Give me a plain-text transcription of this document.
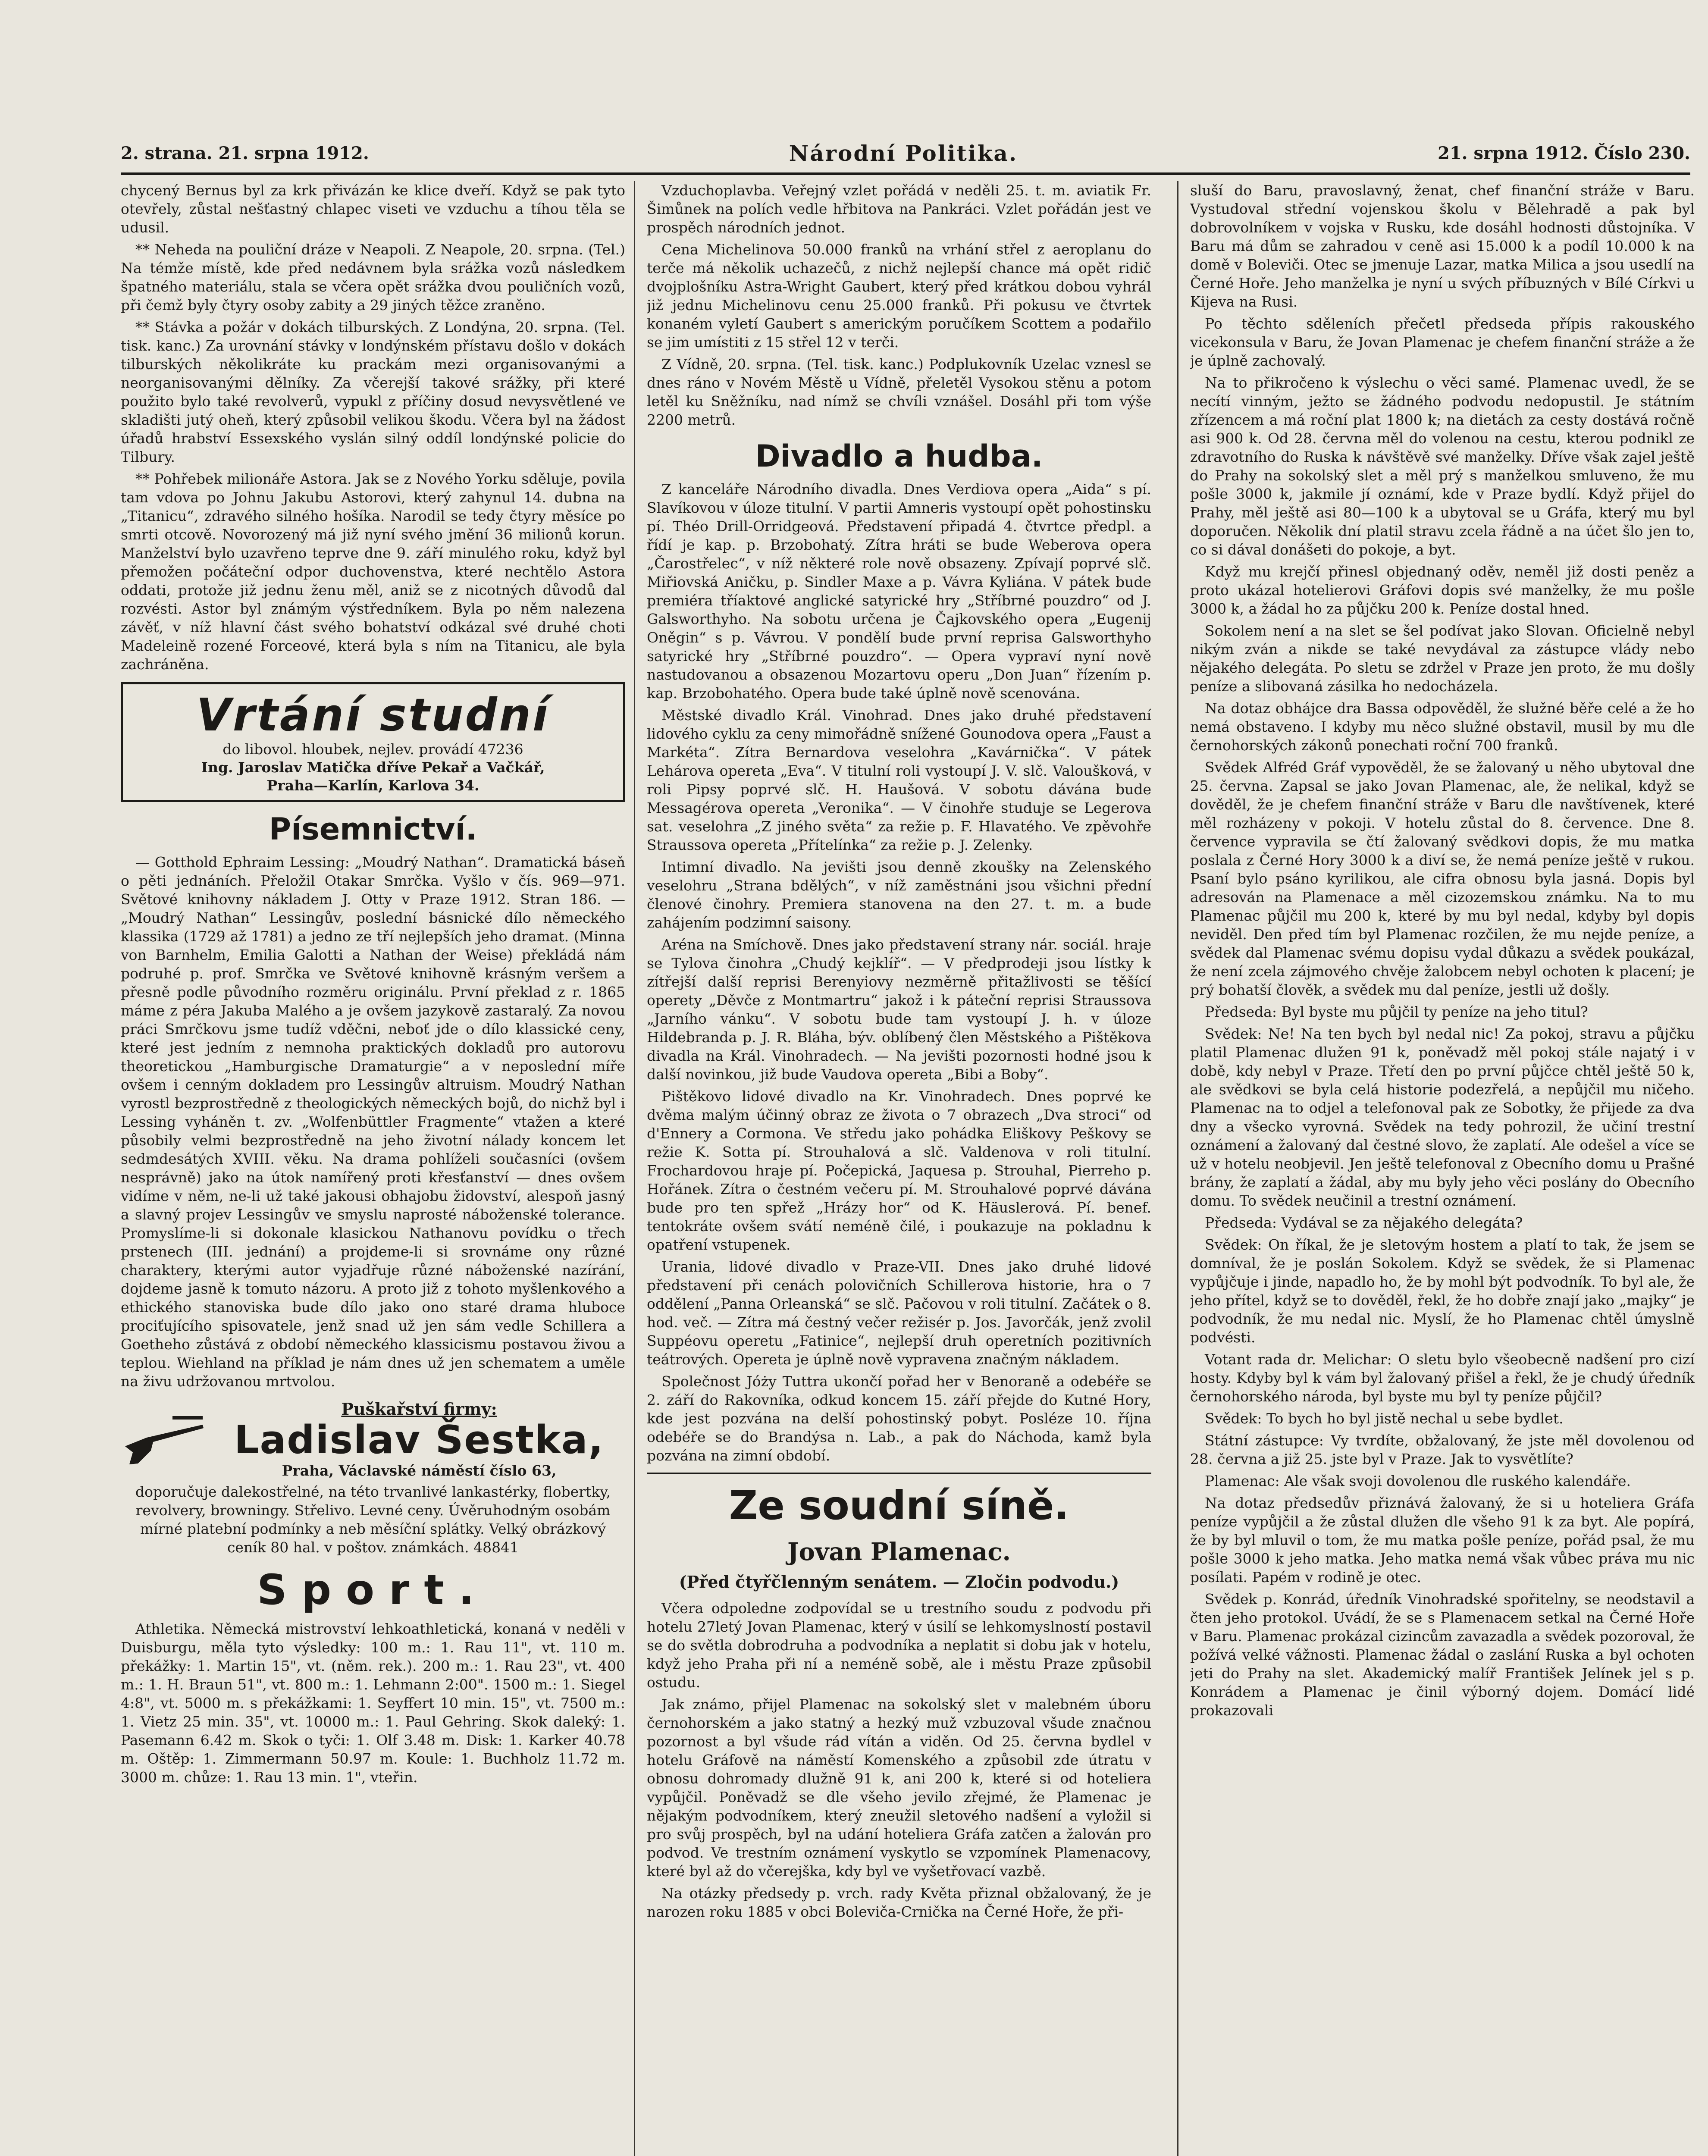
2. strana. 21. srpna 1912.	Národní Politika.	21. srpna 1912. Číslo 230.

chycený Bernus byl za krk přivázán ke klice dveří. Když se pak tyto otevřely, zůstal nešťastný chlapec viseti ve vzduchu a tíhou těla se udusil.

** Neheda na pouliční dráze v Neapoli. Z Neapole, 20. srpna. (Tel.) Na témže místě, kde před nedávnem byla srážka vozů následkem špatného materiálu, stala se včera opět srážka dvou pouličních vozů, při čemž byly čtyry osoby zabity a 29 jiných těžce zraněno.

** Stávka a požár v dokách tilburských. Z Londýna, 20. srpna. (Tel. tisk. kanc.) Za urovnání stávky v londýnském přístavu došlo v dokách tilburských několikráte ku prackám mezi organisovanými a neorganisovanými dělníky. Za včerejší takové srážky, při které použito bylo také revolverů, vypukl z příčiny dosud nevysvětlené ve skladišti jutý oheň, který způsobil velikou škodu. Včera byl na žádost úřadů hrabství Essexského vyslán silný oddíl londýnské policie do Tilbury.

** Pohřebek milionáře Astora. Jak se z Nového Yorku sděluje, povila tam vdova po Johnu Jakubu Astorovi, který zahynul 14. dubna na „Titanicu“, zdravého silného hošíka. Narodil se tedy čtyry měsíce po smrti otcově. Novorozený má již nyní svého jmění 36 milionů korun. Manželství bylo uzavřeno teprve dne 9. září minulého roku, když byl přemožen počáteční odpor duchovenstva, které nechtělo Astora oddati, protože již jednu ženu měl, aniž se z nicotných důvodů dal rozvésti. Astor byl známým výstředníkem. Byla po něm nalezena závěť, v níž hlavní část svého bohatství odkázal své druhé choti Madeleině rozené Forceové, která byla s ním na Titanicu, ale byla zachráněna.

Vrtání studní
do libovol. hloubek, nejlev. provádí 47236
Ing. Jaroslav Matička dříve Pekař a Vačkář,
Praha—Karlín, Karlova 34.
Písemnictví.

— Gotthold Ephraim Lessing: „Moudrý Nathan“. Dramatická báseň o pěti jednáních. Přeložil Otakar Smrčka. Vyšlo v čís. 969—971. Světové knihovny nákladem J. Otty v Praze 1912. Stran 186. — „Moudrý Nathan“ Lessingův, poslední básnické dílo německého klassika (1729 až 1781) a jedno ze tří nejlepších jeho dramat. (Minna von Barnhelm, Emilia Galotti a Nathan der Weise) překládá nám podruhé p. prof. Smrčka ve Světové knihovně krásným veršem a přesně podle původního rozměru originálu. První překlad z r. 1865 máme z péra Jakuba Malého a je ovšem jazykově zastaralý. Za novou práci Smrčkovu jsme tudíž vděčni, neboť jde o dílo klassické ceny, které jest jedním z nemnoha praktických dokladů pro autorovu theoretickou „Hamburgische Dramaturgie“ a v neposlední míře ovšem i cenným dokladem pro Lessingův altruism. Moudrý Nathan vyrostl bezprostředně z theologických německých bojů, do nichž byl i Lessing vyháněn t. zv. „Wolfenbüttler Fragmente“ vtažen a které působily velmi bezprostředně na jeho životní nálady koncem let sedmdesátých XVIII. věku. Na drama pohlíželi současníci (ovšem nesprávně) jako na útok namířený proti křesťanství — dnes ovšem vidíme v něm, ne-li už také jakousi obhajobu židovství, alespoň jasný a slavný projev Lessingův ve smyslu naprosté náboženské tolerance. Promyslíme-li si dokonale klasickou Nathanovu povídku o třech prstenech (III. jednání) a projdeme-li si srovnáme ony různé charaktery, kterými autor vyjadřuje různé náboženské nazírání, dojdeme jasně k tomuto názoru. A proto již z tohoto myšlenkového a ethického stanoviska bude dílo jako ono staré drama hluboce prociťujícího spisovatele, jenž snad už jen sám vedle Schillera a Goetheho zůstává z období německého klassicismu postavou živou a teplou. Wiehland na příklad je nám dnes už jen schematem a uměle na živu udržovanou mrtvolou.

Puškařství firmy:
Ladislav Šestka,
Praha, Václavské náměstí číslo 63,

doporučuje dalekostřelné, na této trvanlivé lankastérky, flobertky, revolvery, browningy. Střelivo. Levné ceny. Úvěruhodným osobám mírné platební podmínky a neb měsíční splátky. Velký obrázkový ceník 80 hal. v poštov. známkách. 48841

Sport.

Athletika. Německá mistrovství lehkoathletická, konaná v neděli v Duisburgu, měla tyto výsledky: 100 m.: 1. Rau 11", vt. 110 m. překážky: 1. Martin 15", vt. (něm. rek.). 200 m.: 1. Rau 23", vt. 400 m.: 1. H. Braun 51", vt. 800 m.: 1. Lehmann 2:00". 1500 m.: 1. Siegel 4:8", vt. 5000 m. s překážkami: 1. Seyffert 10 min. 15", vt. 7500 m.: 1. Vietz 25 min. 35", vt. 10000 m.: 1. Paul Gehring. Skok daleký: 1. Pasemann 6.42 m. Skok o tyči: 1. Olf 3.48 m. Disk: 1. Karker 40.78 m. Oštěp: 1. Zimmermann 50.97 m. Koule: 1. Buchholz 11.72 m. 3000 m. chůze: 1. Rau 13 min. 1", vteřin.

Vzduchoplavba. Veřejný vzlet pořádá v neděli 25. t. m. aviatik Fr. Šimůnek na polích vedle hřbitova na Pankráci. Vzlet pořádán jest ve prospěch národních jednot.

Cena Michelinova 50.000 franků na vrhání střel z aeroplanu do terče má několik uchazečů, z nichž nejlepší chance má opět ridič dvojplošníku Astra-Wright Gaubert, který před krátkou dobou vyhrál již jednu Michelinovu cenu 25.000 franků. Při pokusu ve čtvrtek konaném vyletí Gaubert s americkým poručíkem Scottem a podařilo se jim umístiti z 15 střel 12 v terči.

Z Vídně, 20. srpna. (Tel. tisk. kanc.) Podplukovník Uzelac vznesl se dnes ráno v Novém Městě u Vídně, přeletěl Vysokou stěnu a potom letěl ku Sněžníku, nad nímž se chvíli vznášel. Dosáhl při tom výše 2200 metrů.

Divadlo a hudba.

Z kanceláře Národního divadla. Dnes Verdiova opera „Aida“ s pí. Slavíkovou v úloze titulní. V partii Amneris vystoupí opět pohostinsku pí. Théo Drill-Orridgeová. Představení připadá 4. čtvrtce předpl. a řídí je kap. p. Brzobohatý. Zítra hráti se bude Weberova opera „Čarostřelec“, v níž některé role nově obsazeny. Zpívají poprvé slč. Miřiovská Aničku, p. Sindler Maxe a p. Vávra Kyliána. V pátek bude premiéra tříaktové anglické satyrické hry „Stříbrné pouzdro“ od J. Galsworthyho. Na sobotu určena je Čajkovského opera „Eugenij Oněgin“ s p. Vávrou. V pondělí bude první reprisa Galsworthyho satyrické hry „Stříbrné pouzdro“. — Opera vypraví nyní nově nastudovanou a obsazenou Mozartovu operu „Don Juan“ řízením p. kap. Brzobohatého. Opera bude také úplně nově scenována.

Městské divadlo Král. Vinohrad. Dnes jako druhé představení lidového cyklu za ceny mimořádně snížené Gounodova opera „Faust a Markéta“. Zítra Bernardova veselohra „Kavárnička“. V pátek Lehárova opereta „Eva“. V titulní roli vystoupí J. V. slč. Valoušková, v roli Pipsy poprvé slč. H. Haušová. V sobotu dávána bude Messagérova opereta „Veronika“. — V činohře studuje se Legerova sat. veselohra „Z jiného světa“ za režie p. F. Hlavatého. Ve zpěvohře Straussova opereta „Přítelínka“ za režie p. J. Zelenky.

Intimní divadlo. Na jevišti jsou denně zkoušky na Zelenského veselohru „Strana bdělých“, v níž zaměstnáni jsou všichni přední členové činohry. Premiera stanovena na den 27. t. m. a bude zahájením podzimní saisony.

Aréna na Smíchově. Dnes jako představení strany nár. sociál. hraje se Tylova činohra „Chudý kejklíř“. — V předprodeji jsou lístky k zítřejší další reprisi Berenyiovy nezměrně přitažlivosti se těšící operety „Děvče z Montmartru“ jakož i k páteční reprisi Straussova „Jarního vánku“. V sobotu bude tam vystoupí J. h. v úloze Hildebranda p. J. R. Bláha, býv. oblíbený člen Městského a Pištěkova divadla na Král. Vinohradech. — Na jevišti pozornosti hodné jsou k další novinkou, již bude Vaudova opereta „Bibi a Boby“.

Pištěkovo lidové divadlo na Kr. Vinohradech. Dnes poprvé ke dvěma malým účinný obraz ze života o 7 obrazech „Dva stroci“ od d'Ennery a Cormona. Ve středu jako pohádka Eliškovy Peškovy se režie K. Sotta pí. Strouhalová a slč. Valdenova v roli titulní. Frochardovou hraje pí. Počepická, Jaquesa p. Strouhal, Pierreho p. Hořánek. Zítra o čestném večeru pí. M. Strouhalové poprvé dávána bude pro ten spřež „Hrázy hor“ od K. Häuslerová. Pí. benef. tentokráte ovšem svátí neméně čilé, i poukazuje na pokladnu k opatření vstupenek.

Urania, lidové divadlo v Praze-VII. Dnes jako druhé lidové představení při cenách polovičních Schillerova historie, hra o 7 oddělení „Panna Orleanská“ se slč. Pačovou v roli titulní. Začátek o 8. hod. več. — Zítra má čestný večer režisér p. Jos. Javorčák, jenž zvolil Suppéovu operetu „Fatinice“, nejlepší druh operetních pozitivních teátrových. Opereta je úplně nově vypravena značným nákladem.

Společnost Jóży Tuttra ukončí pořad her v Benoraně a odebéře se 2. září do Rakovníka, odkud koncem 15. září přejde do Kutné Hory, kde jest pozvána na delší pohostinský pobyt. Posléze 10. října odebéře se do Brandýsa n. Lab., a pak do Náchoda, kamž byla pozvána na zimní období.

Ze soudní síně.
Jovan Plamenac.
(Před čtyřčlenným senátem. — Zločin podvodu.)

Včera odpoledne zodpovídal se u trestního soudu z podvodu při hotelu 27letý Jovan Plamenac, který v úsilí se lehkomyslností postavil se do světla dobrodruha a podvodníka a neplatit si dobu jak v hotelu, když jeho Praha při ní a neméně sobě, ale i městu Praze způsobil ostudu.

Jak známo, přijel Plamenac na sokolský slet v malebném úboru černohorském a jako statný a hezký muž vzbuzoval všude značnou pozornost a byl všude rád vítán a viděn. Od 25. června bydlel v hotelu Gráfově na náměstí Komenského a způsobil zde útratu v obnosu dohromady dlužně 91 k, ani 200 k, které si od hoteliera vypůjčil. Poněvadž se dle všeho jevilo zřejmé, že Plamenac je nějakým podvodníkem, který zneužil sletového nadšení a vyložil si pro svůj prospěch, byl na udání hoteliera Gráfa zatčen a žalován pro podvod. Ve trestním oznámení vyskytlo se vzpomínek Plamenacovy, které byl až do včerejška, kdy byl ve vyšetřovací vazbě.

Na otázky předsedy p. vrch. rady Květa přiznal obžalovaný, že je narozen roku 1885 v obci Boleviča-Crnička na Černé Hoře, že při-

sluší do Baru, pravoslavný, ženat, chef finanční stráže v Baru. Vystudoval střední vojenskou školu v Bělehradě a pak byl dobrovolníkem v vojska v Rusku, kde dosáhl hodnosti důstojníka. V Baru má dům se zahradou v ceně asi 15.000 k a podíl 10.000 k na domě v Boleviči. Otec se jmenuje Lazar, matka Milica a jsou usedlí na Černé Hoře. Jeho manželka je nyní u svých příbuzných v Bílé Církvi u Kijeva na Rusi.

Po těchto sděleních přečetl předseda přípis rakouského vicekonsula v Baru, že Jovan Plamenac je chefem finanční stráže a že je úplně zachovalý.

Na to přikročeno k výslechu o věci samé. Plamenac uvedl, že se necítí vinným, ježto se žádného podvodu nedopustil. Je státním zřízencem a má roční plat 1800 k; na dietách za cesty dostává ročně asi 900 k. Od 28. června měl do volenou na cestu, kterou podnikl ze zdravotního do Ruska k návštěvě své manželky. Dříve však zajel ještě do Prahy na sokolský slet a měl prý s manželkou smluveno, že mu pošle 3000 k, jakmile jí oznámí, kde v Praze bydlí. Když přijel do Prahy, měl ještě asi 80—100 k a ubytoval se u Gráfa, který mu byl doporučen. Několik dní platil stravu zcela řádně a na účet šlo jen to, co si dával donášeti do pokoje, a byt.

Když mu krejčí přinesl objednaný oděv, neměl již dosti peněz a proto ukázal hotelierovi Gráfovi dopis své manželky, že mu pošle 3000 k, a žádal ho za půjčku 200 k. Peníze dostal hned.

Sokolem není a na slet se šel podívat jako Slovan. Oficielně nebyl nikým zván a nikde se také nevydával za zástupce vlády nebo nějakého delegáta. Po sletu se zdržel v Praze jen proto, že mu došly peníze a slibovaná zásilka ho nedocházela.

Na dotaz obhájce dra Bassa odpověděl, že služné běře celé a že ho nemá obstaveno. I kdyby mu něco služné obstavil, musil by mu dle černohorských zákonů ponechati roční 700 franků.

Svědek Alfréd Gráf vypověděl, že se žalovaný u něho ubytoval dne 25. června. Zapsal se jako Jovan Plamenac, ale, že nelikal, když se dověděl, že je chefem finanční stráže v Baru dle navštívenek, které měl rozházeny v pokoji. V hotelu zůstal do 8. července. Dne 8. července vypravila se čtí žalovaný svědkovi dopis, že mu matka poslala z Černé Hory 3000 k a diví se, že nemá peníze ještě v rukou. Psaní bylo psáno kyrilikou, ale cifra obnosu byla jasná. Dopis byl adresován na Plamenace a měl cizozemskou známku. Na to mu Plamenac půjčil mu 200 k, které by mu byl nedal, kdyby byl dopis neviděl. Den před tím byl Plamenac rozčilen, že mu nejde peníze, a svědek dal Plamenac svému dopisu vydal důkazu a svědek poukázal, že není zcela zájmového chvěje žalobcem nebyl ochoten k placení; je prý bohatší člověk, a svědek mu dal peníze, jestli už došly.

Předseda: Byl byste mu půjčil ty peníze na jeho titul?

Svědek: Ne! Na ten bych byl nedal nic! Za pokoj, stravu a půjčku platil Plamenac dlužen 91 k, poněvadž měl pokoj stále najatý i v době, kdy nebyl v Praze. Třetí den po první půjčce chtěl ještě 50 k, ale svědkovi se byla celá historie podezřelá, a nepůjčil mu ničeho. Plamenac na to odjel a telefonoval pak ze Sobotky, že přijede za dva dny a všecko vyrovná. Svědek na tedy pohrozil, že učiní trestní oznámení a žalovaný dal čestné slovo, že zaplatí. Ale odešel a více se už v hotelu neobjevil. Jen ještě telefonoval z Obecního domu u Prašné brány, že zaplatí a žádal, aby mu byly jeho věci poslány do Obecního domu. To svědek neučinil a trestní oznámení.

Předseda: Vydával se za nějakého delegáta?

Svědek: On říkal, že je sletovým hostem a platí to tak, že jsem se domníval, že je poslán Sokolem. Když se svědek, že si Plamenac vypůjčuje i jinde, napadlo ho, že by mohl být podvodník. To byl ale, že jeho přítel, když se to dověděl, řekl, že ho dobře znají jako „majky“ je podvodník, že mu nedal nic. Myslí, že ho Plamenac chtěl úmyslně podvésti.

Votant rada dr. Melichar: O sletu bylo všeobecně nadšení pro cizí hosty. Kdyby byl k vám byl žalovaný přišel a řekl, že je chudý úředník černohorského národa, byl byste mu byl ty peníze půjčil?

Svědek: To bych ho byl jistě nechal u sebe bydlet.

Státní zástupce: Vy tvrdíte, obžalovaný, že jste měl dovolenou od 28. června a již 25. jste byl v Praze. Jak to vysvětlíte?

Plamenac: Ale však svoji dovolenou dle ruského kalendáře.

Na dotaz předsedův přiznává žalovaný, že si u hoteliera Gráfa peníze vypůjčil a že zůstal dlužen dle všeho 91 k za byt. Ale popírá, že by byl mluvil o tom, že mu matka pošle peníze, pořád psal, že mu pošle 3000 k jeho matka. Jeho matka nemá však vůbec práva mu nic posílati. Papém v rodině je otec.

Svědek p. Konrád, úředník Vinohradské spořitelny, se neodstavil a čten jeho protokol. Uvádí, že se s Plamenacem setkal na Černé Hoře v Baru. Plamenac prokázal cizincům zavazadla a svědek pozoroval, že požívá velké vážnosti. Plamenac žádal o zaslání Ruska a byl ochoten jeti do Prahy na slet. Akademický malíř František Jelínek jel s p. Konrádem a Plamenac je činil výborný dojem. Domácí lidé prokazovali
